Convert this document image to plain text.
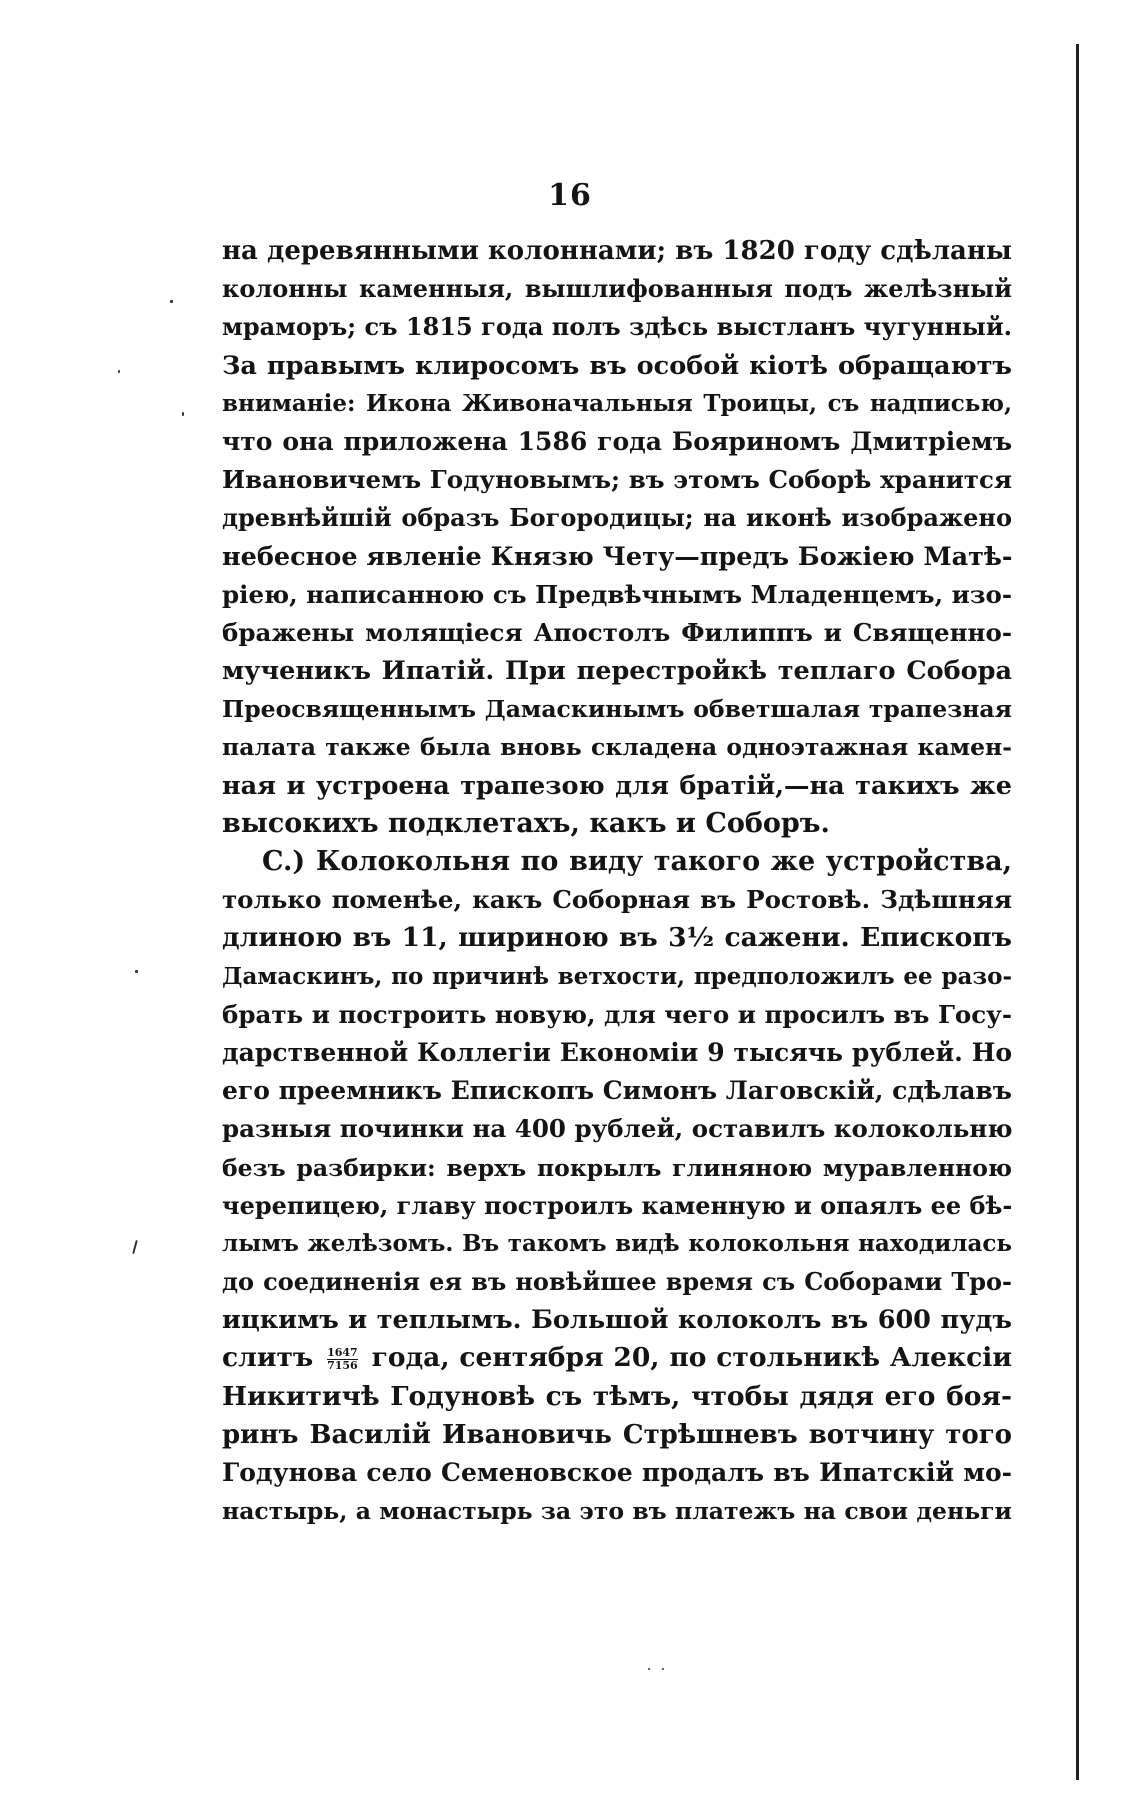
16
на деревянными колоннами; въ 1820 году сдѣланы
колонны каменныя, вышлифованныя подъ желѣзный
мраморъ; съ 1815 года полъ здѣсь выстланъ чугунный.
За правымъ клиросомъ въ особой кіотѣ обращаютъ
вниманіе: Икона Живоначальныя Троицы, съ надписью,
что она приложена 1586 года Бояриномъ Дмитріемъ
Ивановичемъ Годуновымъ; въ этомъ Соборѣ хранится
древнѣйшій образъ Богородицы; на иконѣ изображено
небесное явленіе Князю Чету—предъ Божіею Матѣ-
ріею, написанною съ Предвѣчнымъ Младенцемъ, изо-
бражены молящіеся Апостолъ Филиппъ и Священно-
мученикъ Ипатій. При перестройкѣ теплаго Собора
Преосвященнымъ Дамаскинымъ обветшалая трапезная
палата также была вновь складена одноэтажная камен-
ная и устроена трапезою для братій,—на такихъ же
высокихъ подклетахъ, какъ и Соборъ.
C.) Колокольня по виду такого же устройства,
только поменѣе, какъ Соборная въ Ростовѣ. Здѣшняя
длиною въ 11, шириною въ 3½ сажени. Епископъ
Дамаскинъ, по причинѣ ветхости, предположилъ ее разо-
брать и построить новую, для чего и просилъ въ Госу-
дарственной Коллегіи Економіи 9 тысячь рублей. Но
его преемникъ Епископъ Симонъ Лаговскій, сдѣлавъ
разныя починки на 400 рублей, оставилъ колокольню
безъ разбирки: верхъ покрылъ глиняною муравленною
черепицею, главу построилъ каменную и опаялъ ее бѣ-
лымъ желѣзомъ. Въ такомъ видѣ колокольня находилась
до соединенія ея въ новѣйшее время съ Соборами Тро-
ицкимъ и теплымъ. Большой колоколъ въ 600 пудъ
слитъ $\frac{1647}{7156}$ года, сентября 20, по стольникѣ Алексіи
Никитичѣ Годуновѣ съ тѣмъ, чтобы дядя его боя-
ринъ Василій Ивановичь Стрѣшневъ вотчину того
Годунова село Семеновское продалъ въ Ипатскій мо-
настырь, а монастырь за это въ платежъ на свои деньги
